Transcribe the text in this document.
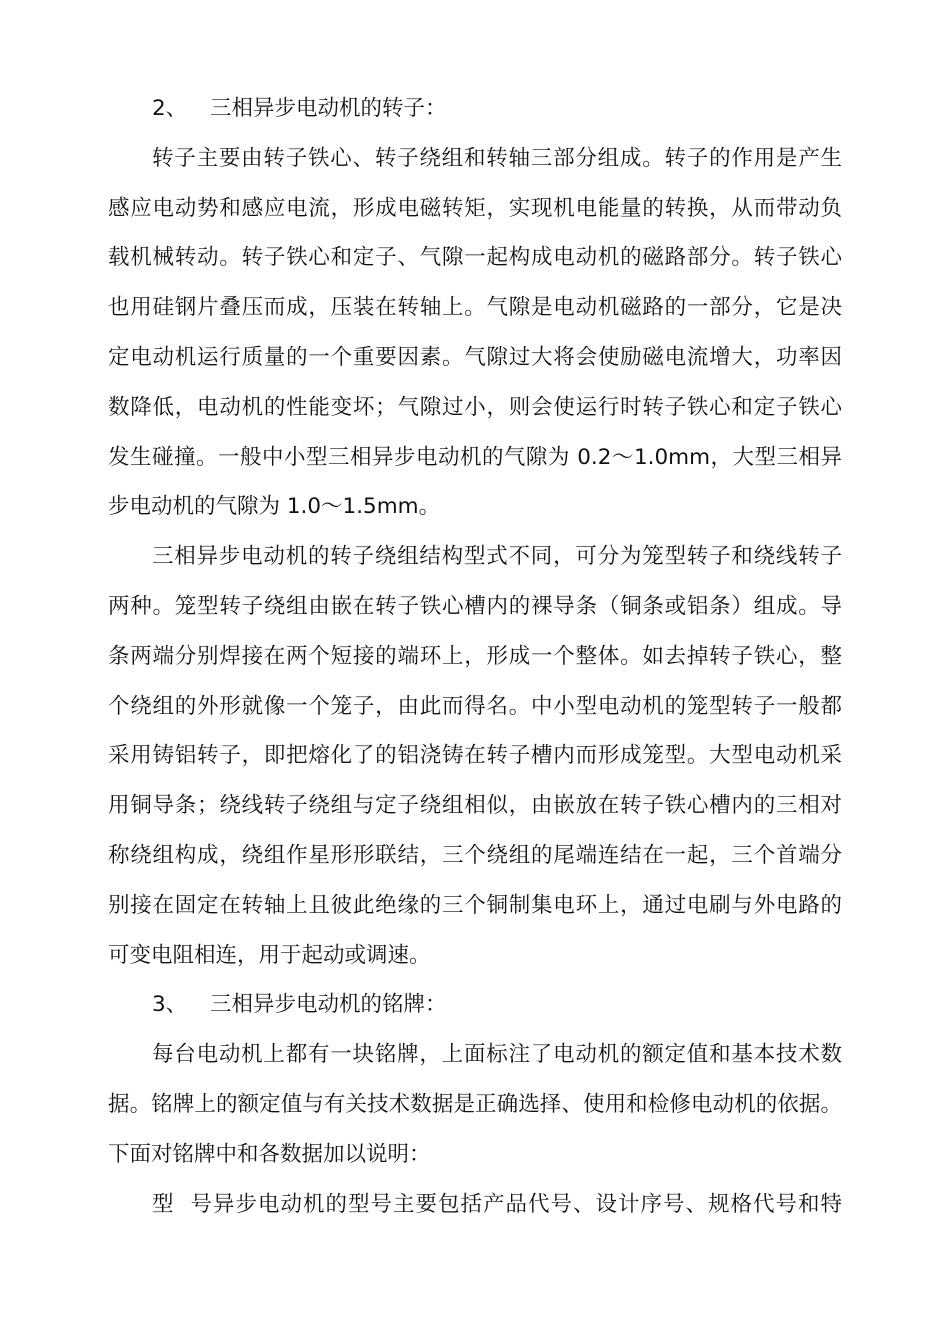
2、 三相异步电动机的转子：
转子主要由转子铁心、转子绕组和转轴三部分组成。转子的作用是产生
感应电动势和感应电流，形成电磁转矩，实现机电能量的转换，从而带动负
载机械转动。转子铁心和定子、气隙一起构成电动机的磁路部分。转子铁心
也用硅钢片叠压而成，压装在转轴上。气隙是电动机磁路的一部分，它是决
定电动机运行质量的一个重要因素。气隙过大将会使励磁电流增大，功率因
数降低，电动机的性能变坏；气隙过小，则会使运行时转子铁心和定子铁心
发生碰撞。一般中小型三相异步电动机的气隙为 0.2～1.0mm，大型三相异
步电动机的气隙为 1.0～1.5mm。
三相异步电动机的转子绕组结构型式不同，可分为笼型转子和绕线转子
两种。笼型转子绕组由嵌在转子铁心槽内的裸导条（铜条或铝条）组成。导
条两端分别焊接在两个短接的端环上，形成一个整体。如去掉转子铁心，整
个绕组的外形就像一个笼子，由此而得名。中小型电动机的笼型转子一般都
采用铸铝转子，即把熔化了的铝浇铸在转子槽内而形成笼型。大型电动机采
用铜导条；绕线转子绕组与定子绕组相似，由嵌放在转子铁心槽内的三相对
称绕组构成，绕组作星形形联结，三个绕组的尾端连结在一起，三个首端分
别接在固定在转轴上且彼此绝缘的三个铜制集电环上，通过电刷与外电路的
可变电阻相连，用于起动或调速。
3、 三相异步电动机的铭牌：
每台电动机上都有一块铭牌，上面标注了电动机的额定值和基本技术数
据。铭牌上的额定值与有关技术数据是正确选择、使用和检修电动机的依据。
下面对铭牌中和各数据加以说明：
型号异步电动机的型号主要包括产品代号、设计序号、规格代号和特
